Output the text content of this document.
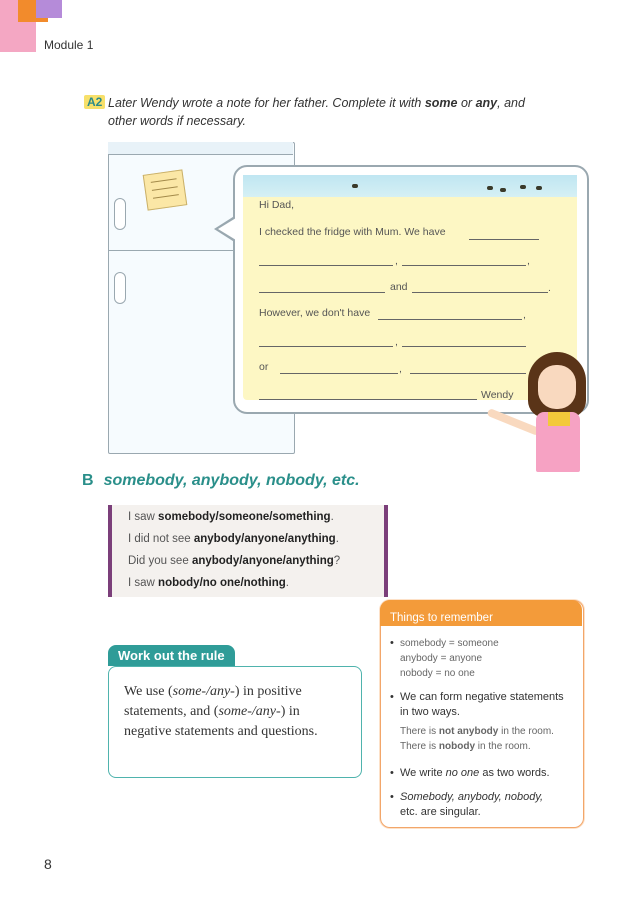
Module 1
A2 Later Wendy wrote a note for her father. Complete it with some or any, and
other words if necessary.
Hi Dad,
I checked the fridge with Mum. We have
,	,
and	.
However, we don't have	,
,
or	,
Wendy
B somebody, anybody, nobody, etc.
I saw somebody/someone/something.
I did not see anybody/anyone/anything.
Did you see anybody/anyone/anything?
I saw nobody/no one/nothing.
Work out the rule
We use (some-/any-) in positive statements, and (some-/any-) in negative statements and questions.
Things to remember
• somebody = someone
anybody = anyone
nobody = no one
• We can form negative statements in two ways.
There is not anybody in the room.
There is nobody in the room.
• We write no one as two words.
• Somebody, anybody, nobody,
etc. are singular.
8
